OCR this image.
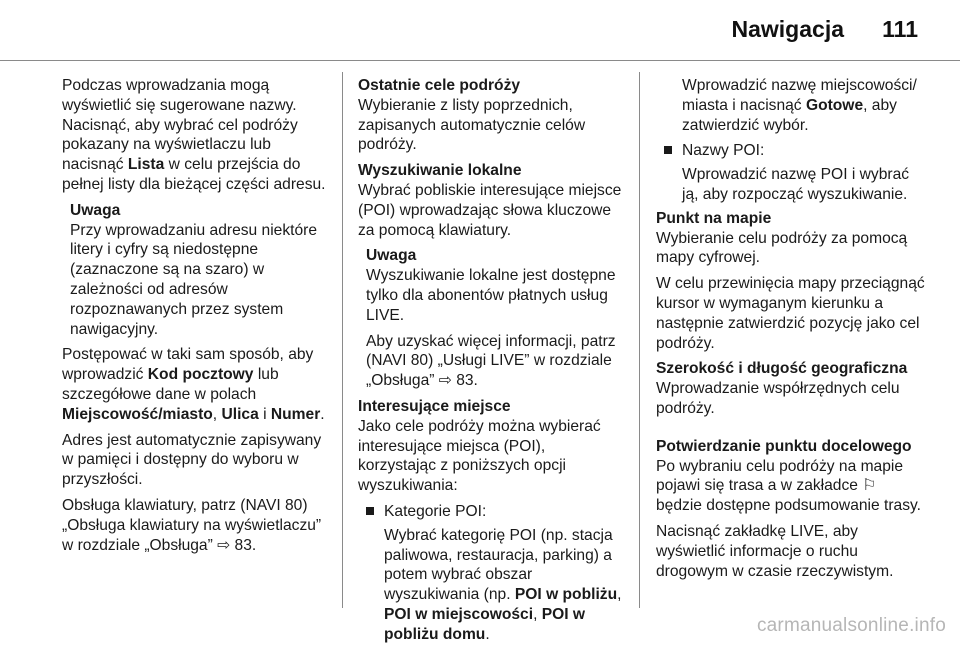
Nawigacja 111

Podczas wprowadzania mogą wyświetlić się sugerowane nazwy. Nacisnąć, aby wybrać cel podróży pokazany na wyświetlaczu lub nacisnąć Lista w celu przejścia do pełnej listy dla bieżącej części adresu.

Uwaga
Przy wprowadzaniu adresu niektóre litery i cyfry są niedostępne (zaznaczone są na szaro) w zależności od adresów rozpoznawanych przez system nawigacyjny.

Postępować w taki sam sposób, aby wprowadzić Kod pocztowy lub szczegółowe dane w polach Miejscowość/miasto, Ulica i Numer.

Adres jest automatycznie zapisywany w pamięci i dostępny do wyboru w przyszłości.

Obsługa klawiatury, patrz (NAVI 80) „Obsługa klawiatury na wyświetlaczu” w rozdziale „Obsługa” ⇨ 83.

Ostatnie cele podróży
Wybieranie z listy poprzednich, zapisanych automatycznie celów podróży.
Wyszukiwanie lokalne
Wybrać pobliskie interesujące miejsce (POI) wprowadzając słowa kluczowe za pomocą klawiatury.
Uwaga

Wyszukiwanie lokalne jest dostępne tylko dla abonentów płatnych usług LIVE.

Aby uzyskać więcej informacji, patrz (NAVI 80) „Usługi LIVE” w rozdziale „Obsługa” ⇨ 83.

Interesujące miejsce
Jako cele podróży można wybierać interesujące miejsca (POI), korzystając z poniższych opcji wyszukiwania:
Kategorie POI:
Wybrać kategorię POI (np. stacja paliwowa, restauracja, parking) a potem wybrać obszar wyszukiwania (np. POI w pobliżu, POI w miejscowości, POI w pobliżu domu.
Wprowadzić nazwę miejscowości/ miasta i nacisnąć Gotowe, aby zatwierdzić wybór.
Nazwy POI:
Wprowadzić nazwę POI i wybrać ją, aby rozpocząć wyszukiwanie.
Punkt na mapie
Wybieranie celu podróży za pomocą mapy cyfrowej.

W celu przewinięcia mapy przeciągnąć kursor w wymaganym kierunku a następnie zatwierdzić pozycję jako cel podróży.

Szerokość i długość geograficzna
Wprowadzanie współrzędnych celu podróży.
Potwierdzanie punktu docelowego
Po wybraniu celu podróży na mapie pojawi się trasa a w zakładce ⚐ będzie dostępne podsumowanie trasy.

Nacisnąć zakładkę LIVE, aby wyświetlić informacje o ruchu drogowym w czasie rzeczywistym.

carmanualsonline.info
